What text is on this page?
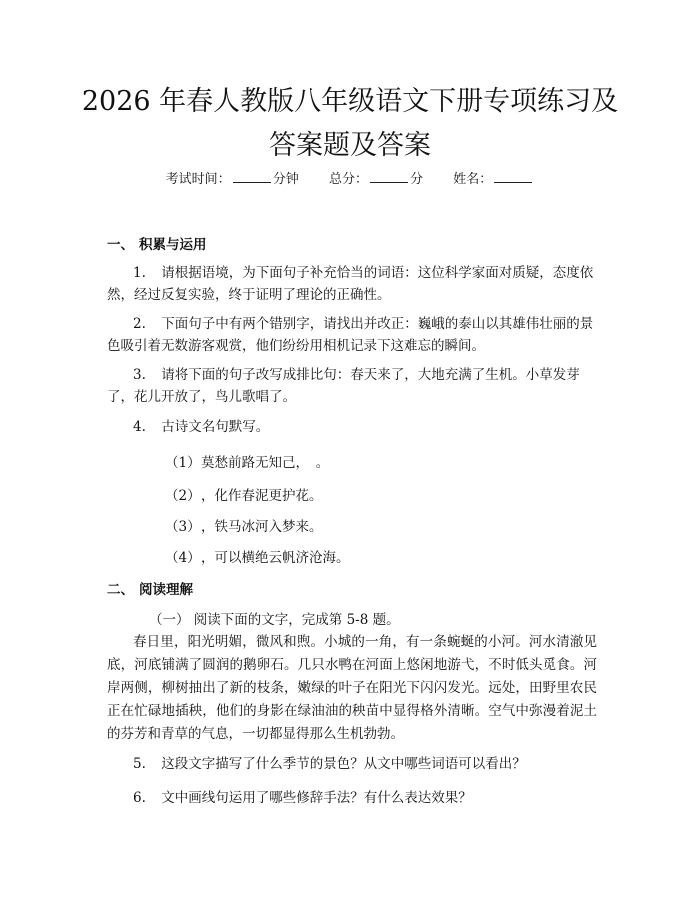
2026 年春人教版八年级语文下册专项练习及
答案题及答案
考试时间：	分钟 总分：	分 姓名：
一、 积累与运用

1. 请根据语境，为下面句子补充恰当的词语：这位科学家面对质疑，态度依然，经过反复实验，终于证明了理论的正确性。

2. 下面句子中有两个错别字，请找出并改正：巍峨的泰山以其雄伟壮丽的景色吸引着无数游客观赏，他们纷纷用相机记录下这难忘的瞬间。

3. 请将下面的句子改写成排比句：春天来了，大地充满了生机。小草发芽了，花儿开放了，鸟儿歌唱了。

4. 古诗文名句默写。

（1）莫愁前路无知己，　。
（2），化作春泥更护花。
（3），铁马冰河入梦来。
（4），可以横绝云帆济沧海。
二、 阅读理解
（一） 阅读下面的文字，完成第 5-8 题。

春日里，阳光明媚，微风和煦。小城的一角，有一条蜿蜒的小河。河水清澈见底，河底铺满了圆润的鹅卵石。几只水鸭在河面上悠闲地游弋，不时低头觅食。河岸两侧，柳树抽出了新的枝条，嫩绿的叶子在阳光下闪闪发光。远处，田野里农民正在忙碌地插秧，他们的身影在绿油油的秧苗中显得格外清晰。空气中弥漫着泥土的芬芳和青草的气息，一切都显得那么生机勃勃。

5. 这段文字描写了什么季节的景色？从文中哪些词语可以看出？

6. 文中画线句运用了哪些修辞手法？有什么表达效果？
